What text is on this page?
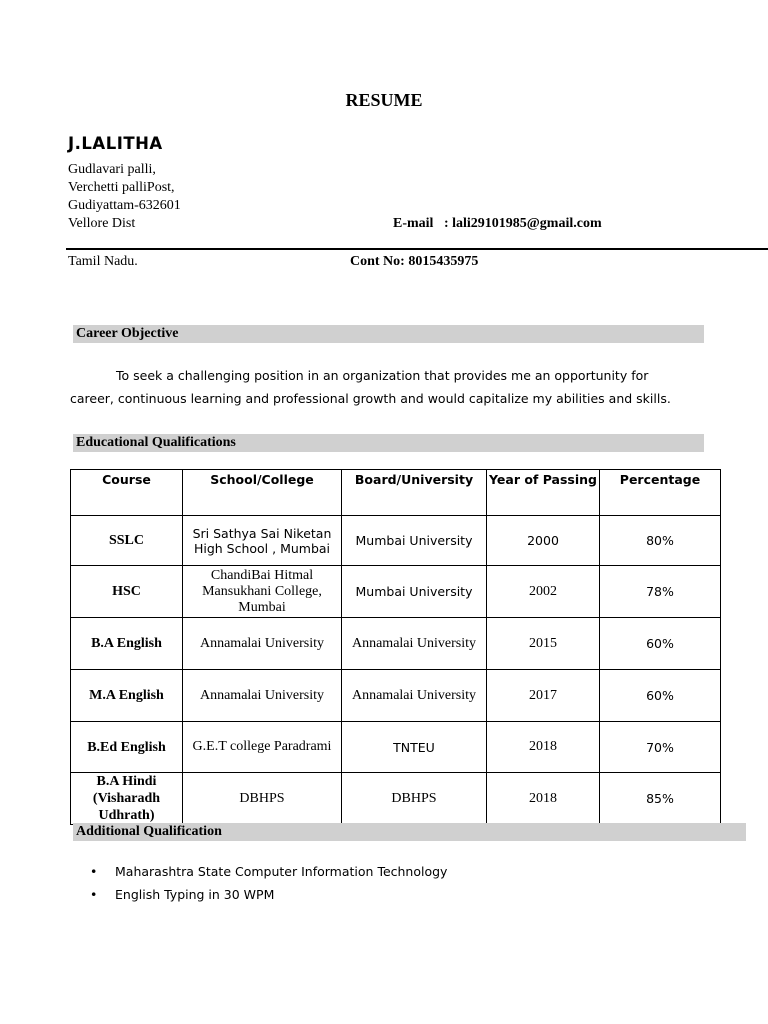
RESUME
J.LALITHA
Gudlavari palli,
Verchetti palliPost,
Gudiyattam-632601
Vellore Dist	E-mail   : lali29101985@gmail.com
Tamil Nadu.	Cont No: 8015435975
Career Objective
To seek a challenging position in an organization that provides me an opportunity for
career, continuous learning and professional growth and would capitalize my abilities and skills.
Educational Qualifications
Course	School/College	Board/University	Year of Passing	Percentage
SSLC	Sri Sathya Sai Niketan High School , Mumbai	Mumbai University	2000	80%
HSC	ChandiBai Hitmal Mansukhani College, Mumbai	Mumbai University	2002	78%
B.A English	Annamalai University	Annamalai University	2015	60%
M.A English	Annamalai University	Annamalai University	2017	60%
B.Ed English	G.E.T college Paradrami	TNTEU	2018	70%
B.A Hindi (Visharadh Udhrath)	DBHPS	DBHPS	2018	85%
Additional Qualification
• Maharashtra State Computer Information Technology
• English Typing in 30 WPM
